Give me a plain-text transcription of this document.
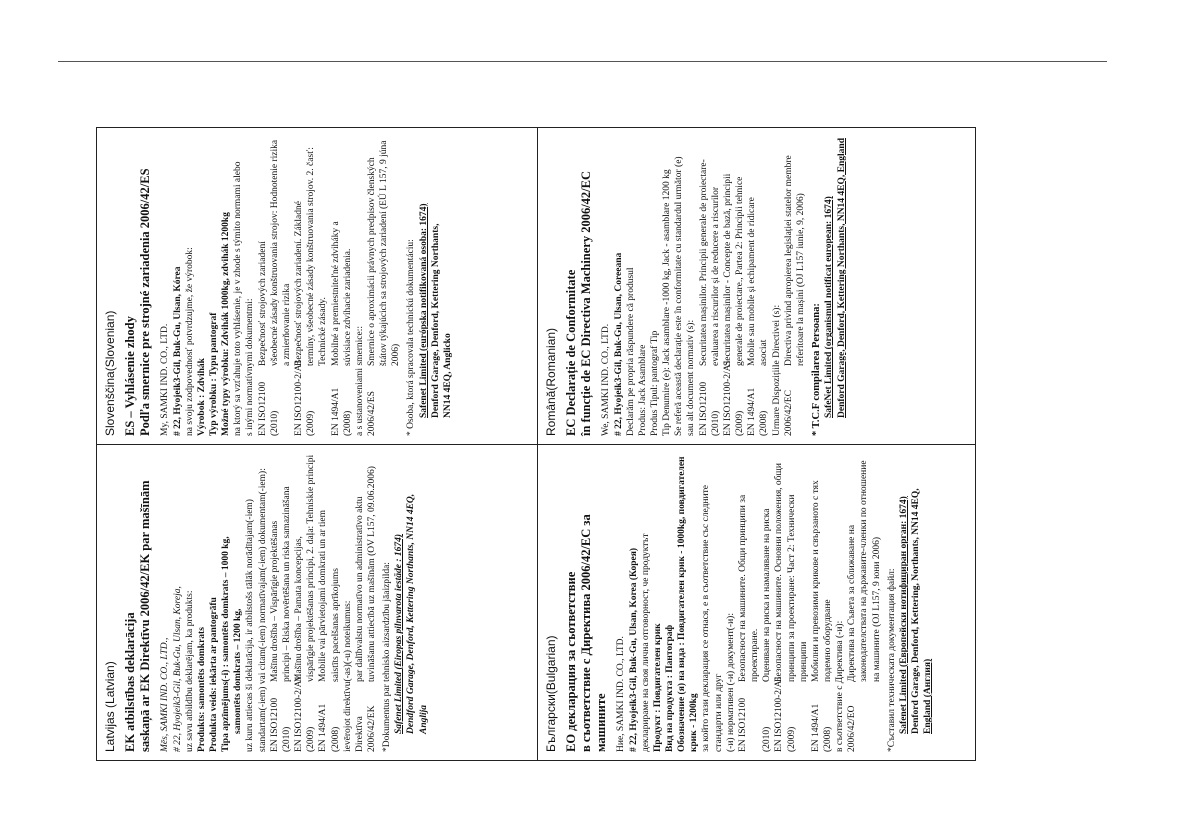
Latvijas (Latvian) EK atbilstības deklarācija saskaņā ar EK Direktīvu 2006/42/EK par mašīnām Mēs, SAMKI IND. CO., LTD., # 22, Hyojeik3-Gil, Buk-Gu, Ulsan, Koreja, uz savu atbildību deklarējam, ka produkts: Produkts: samontēts domkrats Produkta veids: iekārta ar pantogrāfu Tipa apzīmējums(-i) : samontēts domkrats – 1000 kg, samontēts domkrats – 1200 kg, uz kuru attiecas ši deklarācija, ir atbilstošs tālāk norādītajam(-iem) standartam(-iem) vai citam(-iem) normatīvajam(-iem) dokumentam(-iem): EN ISO12100
Mašīnu drošība – Vispārīgie projektēšanas
(2010)
principi – Riska novērtēšana un riska samazināšana
EN ISO12100-2/A1
Mašīnu drošība – Pamata koncepcijas,
(2009)
vispārīgie projektēšanas principi, 2. daļa: Tehniskie principi
EN 1494/A1
Mobilie vai pārvietojami domkrati un ar tiem
(2008)
saistīts pacelšanas aprīkojums ievērojot direktīvu(-as)(-u) noteikumus: Direktīva
par dalībvalstu normatīvo un administratīvo aktu
2006/42/EK
tuvināšanu attiecībā uz mašīnām (OV L157, 09.06.2006) *Dokumentus par tehnisko aizsardzību jāaizpilda: Safenet Limited (Eiropas pilnvarota iestāde : 1674) Dendford Garage, Denford, Kettering Northants, NN14 4EQ, Anglija

Slovenščina(Slovenian) ES – Vyhlásenie zhody Podľa smernice pre strojné zariadenia 2006/42/ES My, SAMKI IND. CO., LTD. # 22, Hyojeik3-Gil, Buk-Gu, Ulsan, Kórea na svoju zodpovednosť potvrdzujme, že výrobok: Výrobok : Zdvihák Typ výrobku : Typu pantograf Možné typy výrobku: Zdvihák 1000kg, zdvihák 1200kg na ktorý sa vzťahuje toto vyhlásenie, je v zhode s týmito normami alebo s inými normatívnymi dokumentmi: EN ISO12100
Bezpečnosť strojových zariadení
(2010)
všeobecné zásady konštruovania strojov: Hodnotenie rizika a zmierňovanie rizika
EN ISO12100-2/A1
Bezpečnosť strojových zariadení. Základné
(2009)
termíny, všeobecné zásady konštruovania strojov. 2. časť: Technické zásady.
EN 1494/A1
Mobilné a premiestniteľné zdviháky a
(2008)
súvisiace zdvíhacie zariadenia.

a s ustanoveniami smernice:: 2006/42/ES
Smernice o aproximácii právnych predpisov členských štátov týkajúcich sa strojových zariadení (EÚ L 157, 9 júna 2006) * Osoba, ktorá spracovala technickú dokumentáciu: Safenet Limited (európska notifikovaná osoba: 1674) Denford Garage, Denford, Kettering Northants, NN14 4EQ, Anglicko

Български(Bulgarian) ЕО декларация за съответствие в съответствие с Директива 2006/42/ЕС за машините Ние, SAMKI IND. CO., LTD. # 22, Hyojeik3-Gil, Buk-Gu, Ulsan, Korea (Корея) декларираме на своя лична отговорност, че продуктът Продукт : Повдигателен крик Вид на продукта : Пантограф Обозначение (я) на вида : Повдигателен крик - 1000kg, повдигателен крик - 1200kg за който тази декларация се отнася, е в съответствие със следните стандарти или друг (-и) нормативен (-и) документ(-и): EN ISO12100
Безопасност на машините. Общи принципи за проектиране.
(2010)
Оценяване на риска и намаляване на риска
EN ISO12100-2/A1
Безопасност на машините. Основни положения, общи
(2009)
принципи за проектиране: Част 2: Технически принципи
EN 1494/A1
Мобилни и превозими крикове и свързаното с тях
(2008)
подемно оборудване в съответствие с Директива (-и): 2006/42/EO
Директива на Съвета за сближаване на законодателствата на държавите-членки по отношение на машините (OJ L157, 9 юни 2006) *Съставил техническата документация файл: Safenet Limited (Европейски нотифициран орган: 1674) Denford Garage, Denford, Kettering, Northants, NN14 4EQ, England (Англия)

Română(Romanian) EC Declarație de Conformitate în funcție de EC Directiva Machinery 2006/42/EC We, SAMKI IND. CO., LTD. # 22, Hyojeik3-Gil, Buk-Gu, Ulsan, Coreeana Declarăm pe propria răspundere că produsul Produs: Jack Asamblare Produs Tipul: pantograf Tip Tip Denumire (e): Jack asamblare -1000 kg, Jack - asamblare 1200 kg Se referă această declarație este în conformitate cu standardul următor (e) sau alt document normativ (s): EN ISO12100
Securitatea mașinilor. Principii generale de proiectare-
(2010)
evaluarea a riscurilor și de reducere a riscurilor
EN ISO12100-2/A1
Securitatea mașinilor - Concepte de bază, principii
(2009)
generale de proiectare., Partea 2: Principii tehnice
EN 1494/A1
Mobile sau mobile și echipament de ridicare
(2008)
asociat Urmare Dispozițiile Directivei (s): 2006/42/EC
Directiva privind apropierea legislației statelor membre referitoare la mașini (OJ L157 iunie, 9, 2006)

* T.C.F compilarea Persoana: SafeNet Limited (organismul notificat european: 1674) Denford Garage, Denford, Kettering Northants, NN14 4EQ, England
